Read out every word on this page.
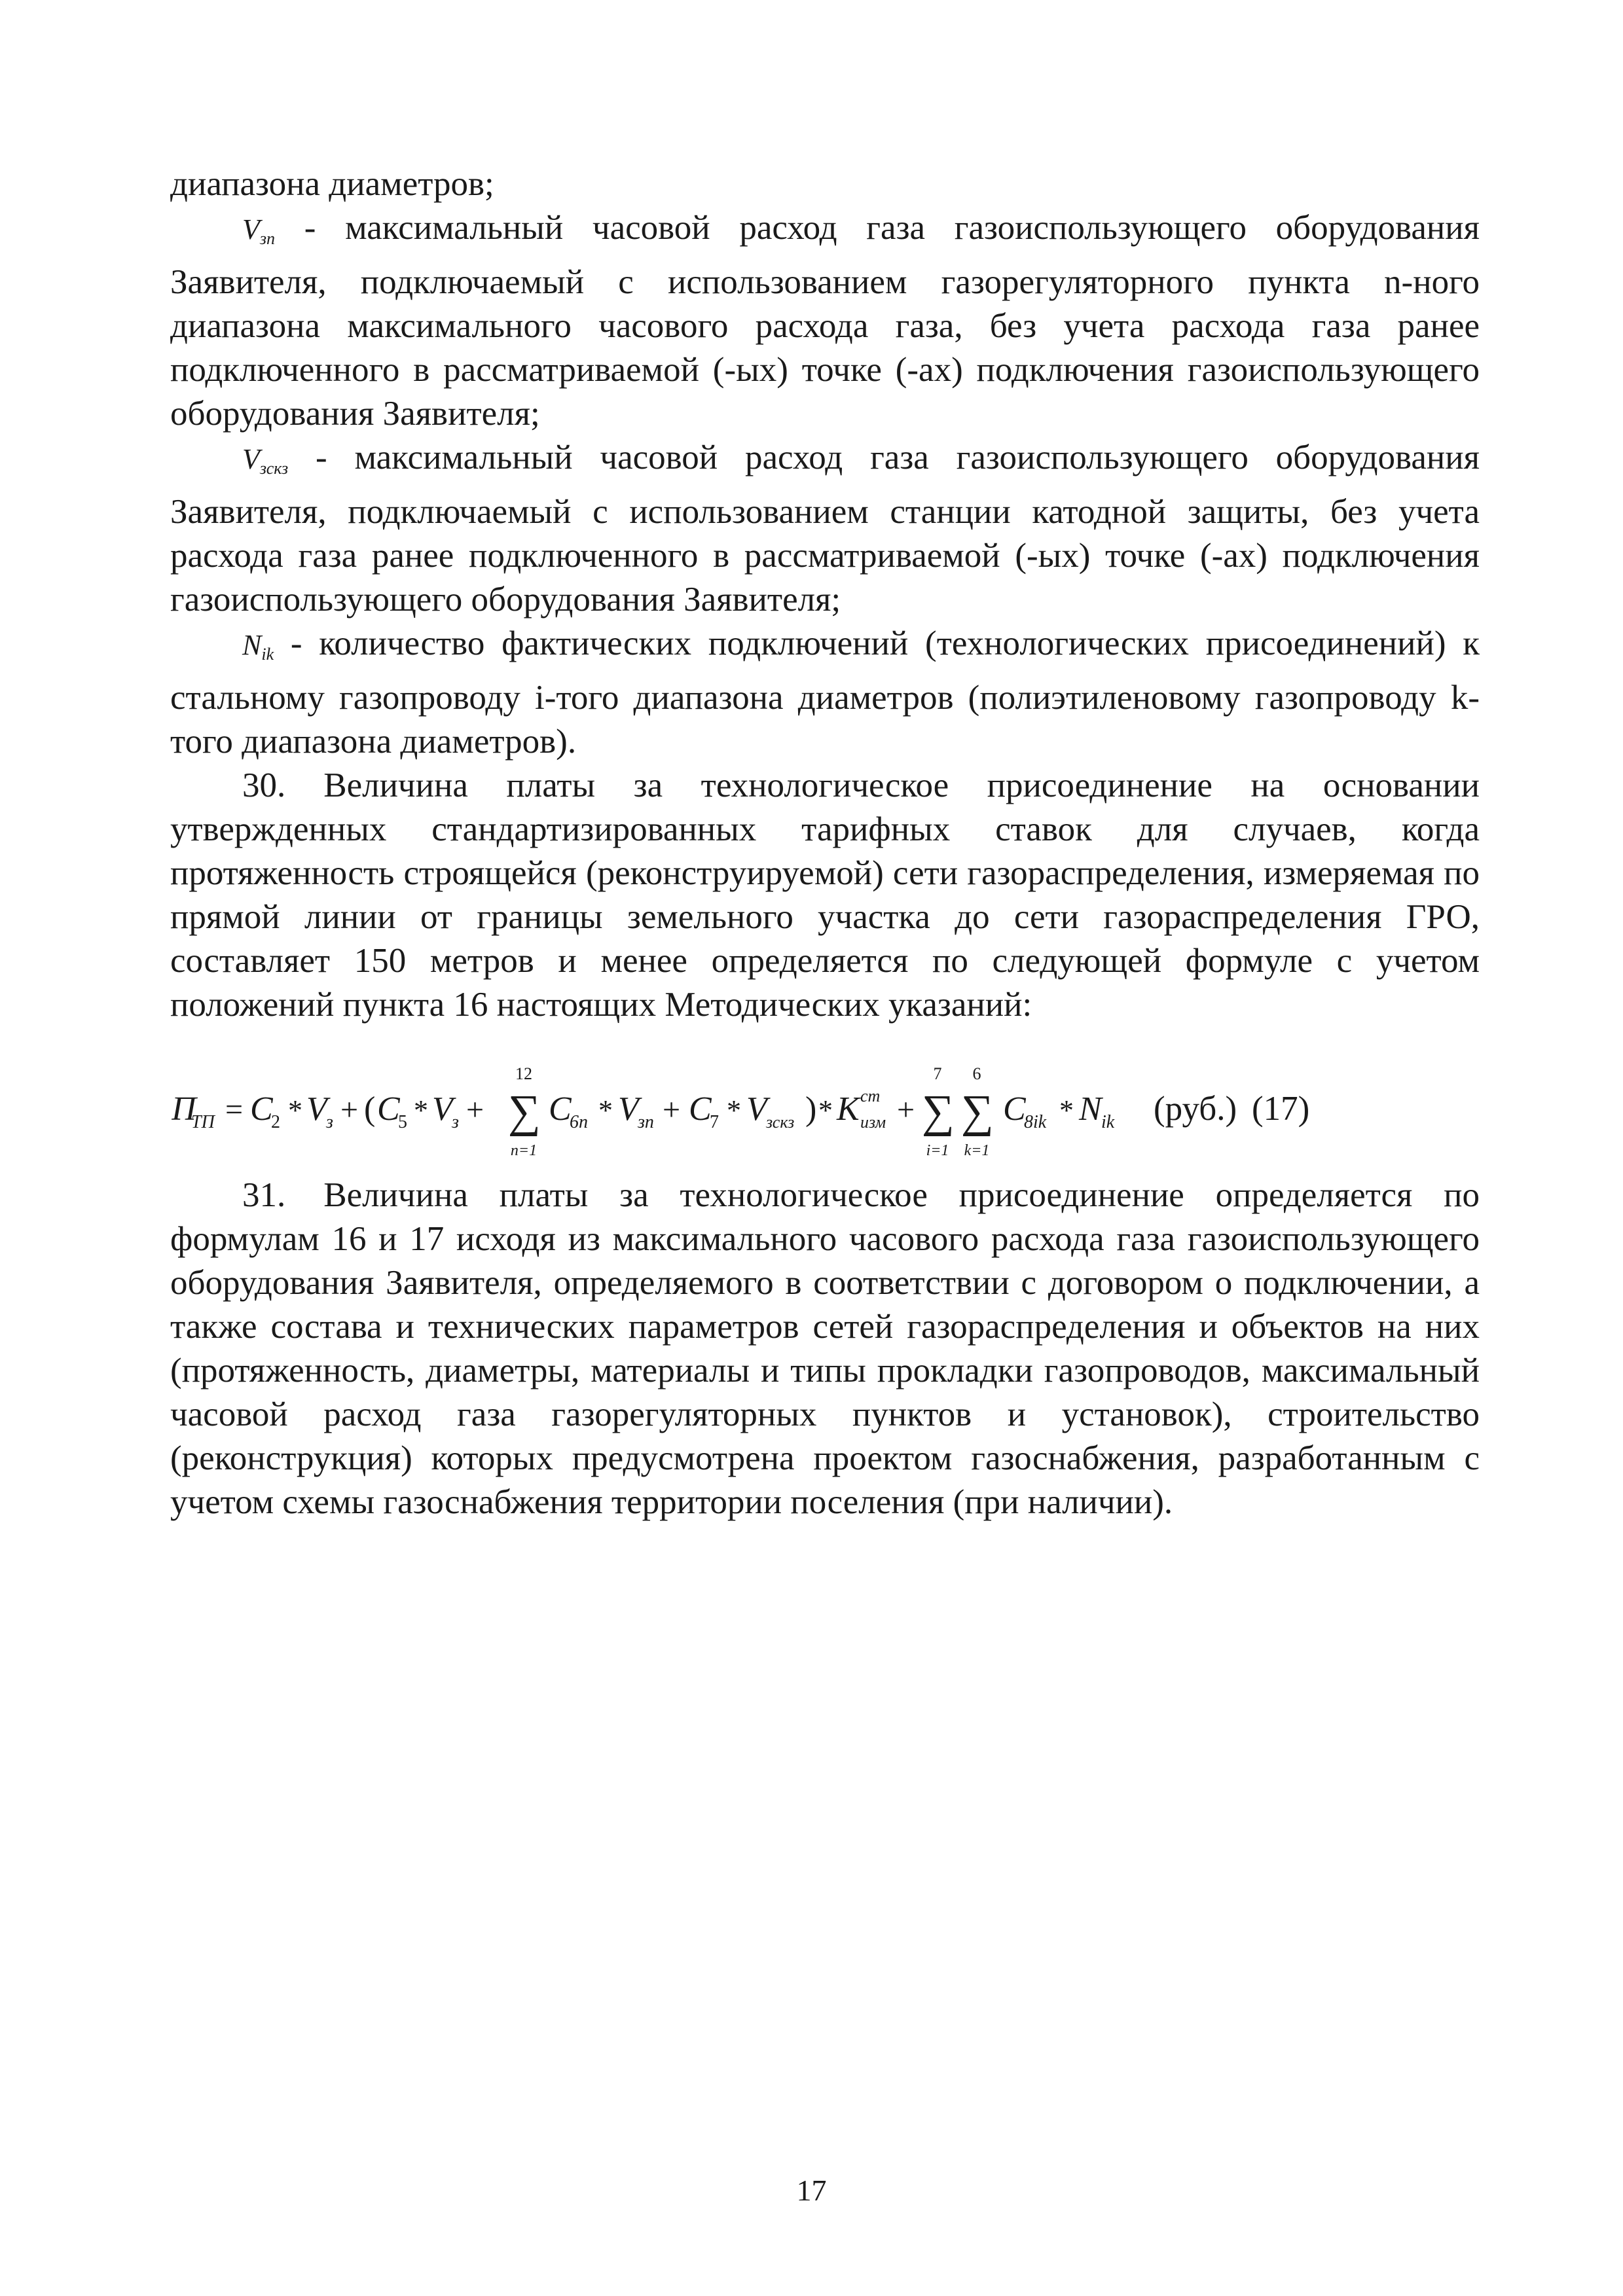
диапазона диаметров;

$V_{зп}$ - максимальный часовой расход газа газоиспользующего оборудования Заявителя, подключаемый с использованием газорегуляторного пункта n-ного диапазона максимального часового расхода газа, без учета расхода газа ранее подключенного в рассматриваемой (-ых) точке (-ах) подключения газоиспользующего оборудования Заявителя;

$V_{зскз}$ - максимальный часовой расход газа газоиспользующего оборудования Заявителя, подключаемый с использованием станции катодной защиты, без учета расхода газа ранее подключенного в рассматриваемой (-ых) точке (-ах) подключения газоиспользующего оборудования Заявителя;

$N_{ik}$ - количество фактических подключений (технологических присоединений) к стальному газопроводу i-того диапазона диаметров (полиэтиленовому газопроводу k-того диапазона диаметров).

30. Величина платы за технологическое присоединение на основании утвержденных стандартизированных тарифных ставок для случаев, когда протяженность строящейся (реконструируемой) сети газораспределения, измеряемая по прямой линии от границы земельного участка до сети газораспределения ГРО, составляет 150 метров и менее определяется по следующей формуле с учетом положений пункта 16 настоящих Методических указаний:

П
ТП = C
2 * V
з + ( C
5 * V
з +
12
∑
n=1
C
6n * V
зп + C
7 * V
зскз ) * K ст
изм +
7
∑
i=1
6
∑
k=1
C
8ik * N ik (руб.) (17)

31. Величина платы за технологическое присоединение определяется по формулам 16 и 17 исходя из максимального часового расхода газа газоиспользующего оборудования Заявителя, определяемого в соответствии с договором о подключении, а также состава и технических параметров сетей газораспределения и объектов на них (протяженность, диаметры, материалы и типы прокладки газопроводов, максимальный часовой расход газа газорегуляторных пунктов и установок), строительство (реконструкция) которых предусмотрена проектом газоснабжения, разработанным с учетом схемы газоснабжения территории поселения (при наличии).

17
